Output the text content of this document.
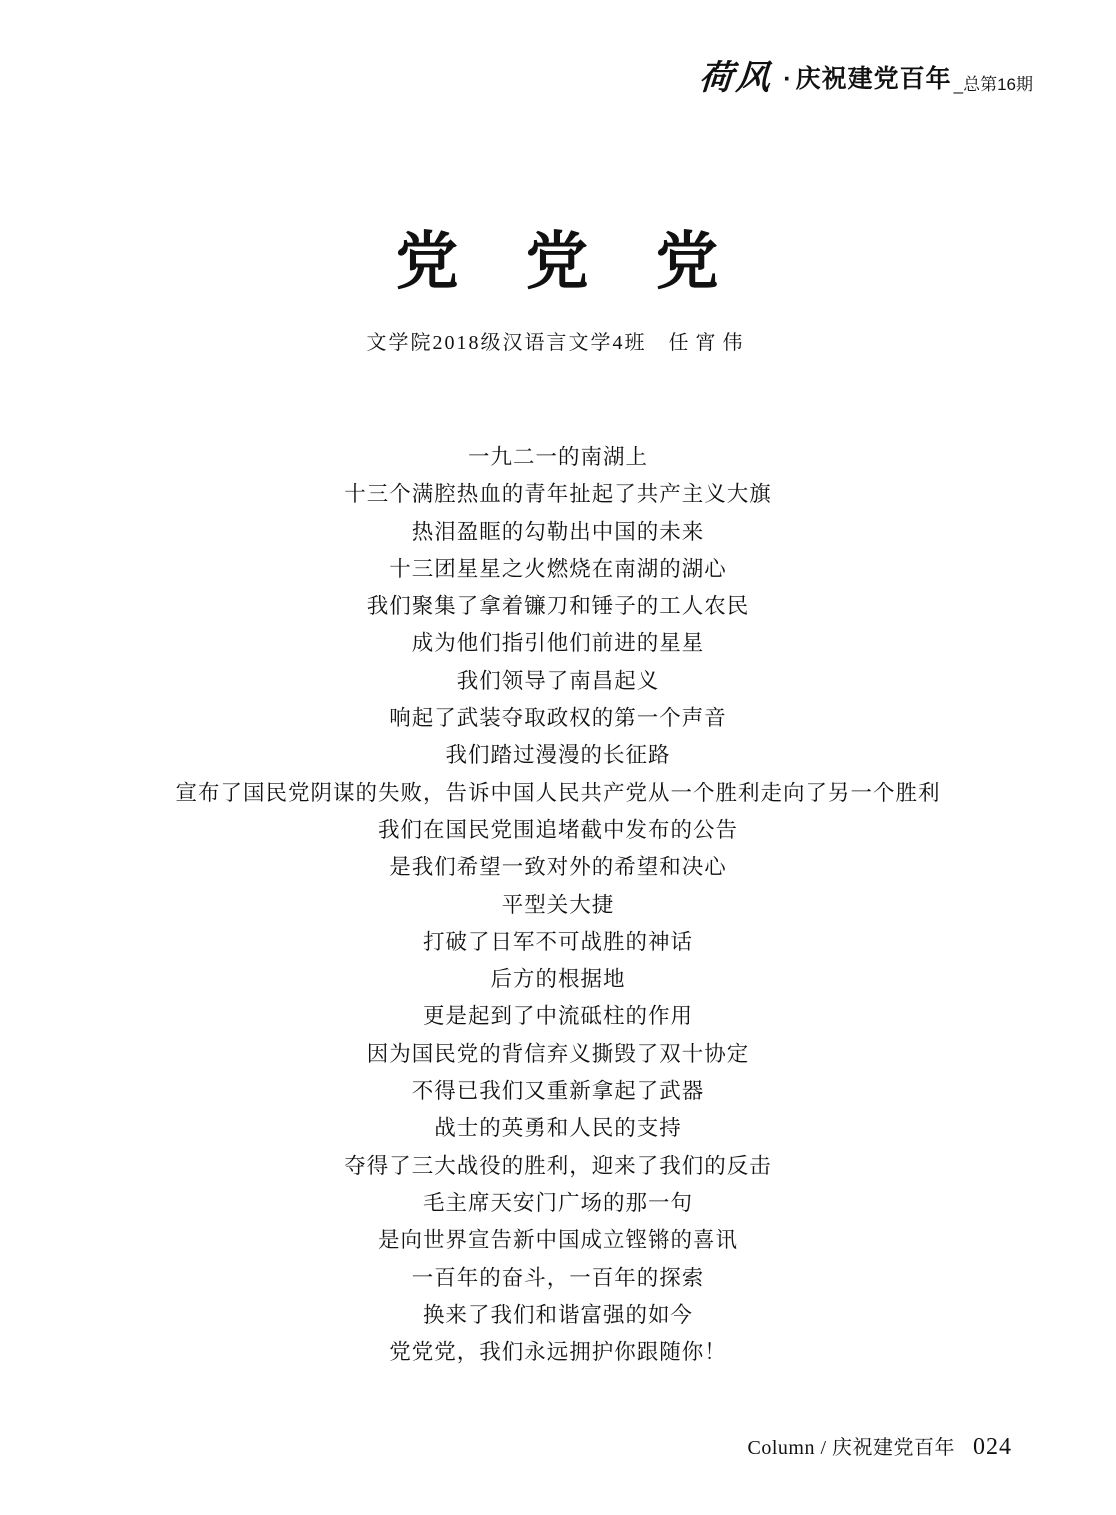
荷风 · 庆祝建党百年 _总第16期
党　党　党
文学院2018级汉语言文学4班 任宵伟
一九二一的南湖上
十三个满腔热血的青年扯起了共产主义大旗
热泪盈眶的勾勒出中国的未来
十三团星星之火燃烧在南湖的湖心
我们聚集了拿着镰刀和锤子的工人农民
成为他们指引他们前进的星星
我们领导了南昌起义
响起了武装夺取政权的第一个声音
我们踏过漫漫的长征路
宣布了国民党阴谋的失败，告诉中国人民共产党从一个胜利走向了另一个胜利
我们在国民党围追堵截中发布的公告
是我们希望一致对外的希望和决心
平型关大捷
打破了日军不可战胜的神话
后方的根据地
更是起到了中流砥柱的作用
因为国民党的背信弃义撕毁了双十协定
不得已我们又重新拿起了武器
战士的英勇和人民的支持
夺得了三大战役的胜利，迎来了我们的反击
毛主席天安门广场的那一句
是向世界宣告新中国成立铿锵的喜讯
一百年的奋斗，一百年的探索
换来了我们和谐富强的如今
党党党，我们永远拥护你跟随你！
Column / 庆祝建党百年 024
